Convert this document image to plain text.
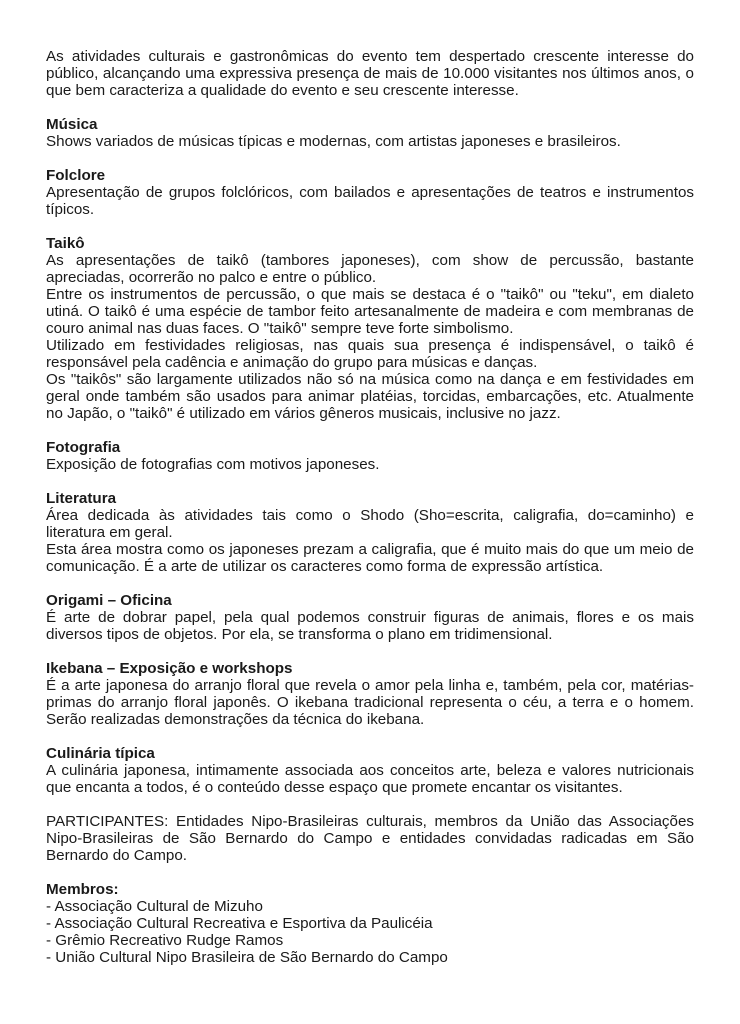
As atividades culturais e gastronômicas do evento tem despertado crescente interesse do público, alcançando uma expressiva presença de mais de 10.000 visitantes nos últimos anos, o que bem caracteriza a qualidade do evento e seu crescente interesse.

Música

Shows variados de músicas típicas e modernas, com artistas japoneses e brasileiros.

Folclore

Apresentação de grupos folclóricos, com bailados e apresentações de teatros e instrumentos típicos.

Taikô

As apresentações de taikô (tambores japoneses), com show de percussão, bastante apreciadas, ocorrerão no palco e entre o público.

Entre os instrumentos de percussão, o que mais se destaca é o "taikô" ou "teku", em dialeto utiná. O taikô é uma espécie de tambor feito artesanalmente de madeira e com membranas de couro animal nas duas faces. O "taikô" sempre teve forte simbolismo.

Utilizado em festividades religiosas, nas quais sua presença é indispensável, o taikô é responsável pela cadência e animação do grupo para músicas e danças.

Os "taikôs" são largamente utilizados não só na música como na dança e em festividades em geral onde também são usados para animar platéias, torcidas, embarcações, etc. Atualmente no Japão, o "taikô" é utilizado em vários gêneros musicais, inclusive no jazz.

Fotografia

Exposição de fotografias com motivos japoneses.

Literatura

Área dedicada às atividades tais como o Shodo (Sho=escrita, caligrafia, do=caminho) e literatura em geral.

Esta área mostra como os japoneses prezam a caligrafia, que é muito mais do que um meio de comunicação. É a arte de utilizar os caracteres como forma de expressão artística.

Origami – Oficina

É arte de dobrar papel, pela qual podemos construir figuras de animais, flores e os mais diversos tipos de objetos. Por ela, se transforma o plano em tridimensional.

Ikebana – Exposição e workshops

É a arte japonesa do arranjo floral que revela o amor pela linha e, também, pela cor, matérias-primas do arranjo floral japonês. O ikebana tradicional representa o céu, a terra e o homem. Serão realizadas demonstrações da técnica do ikebana.

Culinária típica

A culinária japonesa, intimamente associada aos conceitos arte, beleza e valores nutricionais que encanta a todos, é o conteúdo desse espaço que promete encantar os visitantes.

PARTICIPANTES: Entidades Nipo-Brasileiras culturais, membros da União das Associações Nipo-Brasileiras de São Bernardo do Campo e entidades convidadas radicadas em São Bernardo do Campo.

Membros:

- Associação Cultural de Mizuho
- Associação Cultural Recreativa e Esportiva da Paulicéia
- Grêmio Recreativo Rudge Ramos
- União Cultural Nipo Brasileira de São Bernardo do Campo
